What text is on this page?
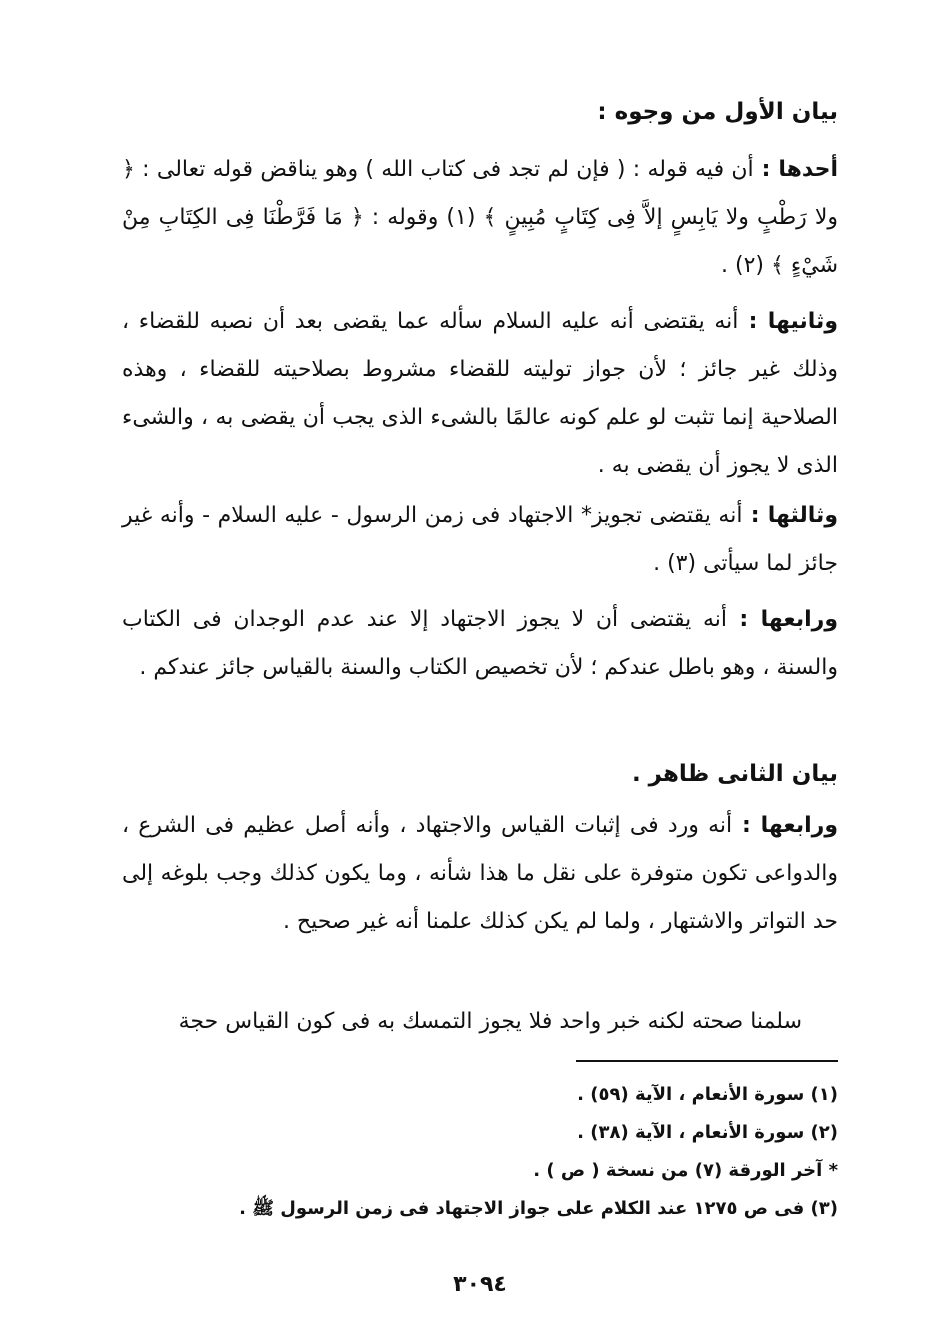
بيان الأول من وجوه :

أحدها : أن فيه قوله : ( فإن لم تجد فى كتاب الله ) وهو يناقض قوله تعالى : ﴿ ولا رَطْبٍ ولا يَابِسٍ إلاَّ فِى كِتَابٍ مُبِينٍ ﴾ (١) وقوله : ﴿ مَا فَرَّطْنَا فِى الكِتَابِ مِنْ شَيْءٍ ﴾ (٢) .

وثانيها : أنه يقتضى أنه عليه السلام سأله عما يقضى بعد أن نصبه للقضاء ، وذلك غير جائز ؛ لأن جواز توليته للقضاء مشروط بصلاحيته للقضاء ، وهذه الصلاحية إنما تثبت لو علم كونه عالمًا بالشىء الذى يجب أن يقضى به ، والشىء الذى لا يجوز أن يقضى به .

وثالثها : أنه يقتضى تجويز* الاجتهاد فى زمن الرسول - عليه السلام - وأنه غير جائز لما سيأتى (٣) .

ورابعها : أنه يقتضى أن لا يجوز الاجتهاد إلا عند عدم الوجدان فى الكتاب والسنة ، وهو باطل عندكم ؛ لأن تخصيص الكتاب والسنة بالقياس جائز عندكم .

بيان الثانى ظاهر .

ورابعها : أنه ورد فى إثبات القياس والاجتهاد ، وأنه أصل عظيم فى الشرع ، والدواعى تكون متوفرة على نقل ما هذا شأنه ، وما يكون كذلك وجب بلوغه إلى حد التواتر والاشتهار ، ولما لم يكن كذلك علمنا أنه غير صحيح .

سلمنا صحته لكنه خبر واحد فلا يجوز التمسك به فى كون القياس حجة

(١) سورة الأنعام ، الآية (٥٩) .

(٢) سورة الأنعام ، الآية (٣٨) .

* آخر الورقة (٧) من نسخة ( ص ) .

(٣) فى ص ١٢٧٥ عند الكلام على جواز الاجتهاد فى زمن الرسول ﷺ .

٣٠٩٤
